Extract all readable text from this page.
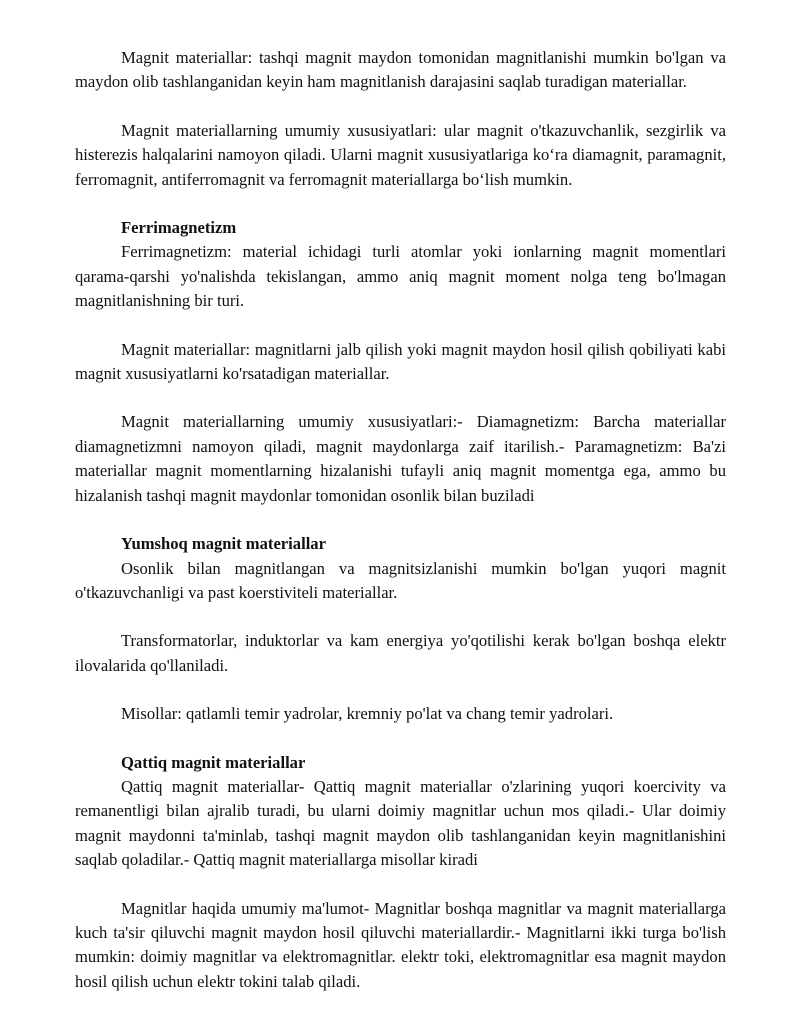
Magnit materiallar: tashqi magnit maydon tomonidan magnitlanishi mumkin bo'lgan va maydon olib tashlanganidan keyin ham magnitlanish darajasini saqlab turadigan materiallar.

Magnit materiallarning umumiy xususiyatlari: ular magnit o'tkazuvchanlik, sezgirlik va histerezis halqalarini namoyon qiladi. Ularni magnit xususiyatlariga ko‘ra diamagnit, paramagnit, ferromagnit, antiferromagnit va ferromagnit materiallarga bo‘lish mumkin.

Ferrimagnetizm

Ferrimagnetizm: material ichidagi turli atomlar yoki ionlarning magnit momentlari qarama-qarshi yo'nalishda tekislangan, ammo aniq magnit moment nolga teng bo'lmagan magnitlanishning bir turi.

Magnit materiallar: magnitlarni jalb qilish yoki magnit maydon hosil qilish qobiliyati kabi magnit xususiyatlarni ko'rsatadigan materiallar.

Magnit materiallarning umumiy xususiyatlari:- Diamagnetizm: Barcha materiallar diamagnetizmni namoyon qiladi, magnit maydonlarga zaif itarilish.- Paramagnetizm: Ba'zi materiallar magnit momentlarning hizalanishi tufayli aniq magnit momentga ega, ammo bu hizalanish tashqi magnit maydonlar tomonidan osonlik bilan buziladi

Yumshoq magnit materiallar

Osonlik bilan magnitlangan va magnitsizlanishi mumkin bo'lgan yuqori magnit o'tkazuvchanligi va past koerstiviteli materiallar.

Transformatorlar, induktorlar va kam energiya yo'qotilishi kerak bo'lgan boshqa elektr ilovalarida qo'llaniladi.

Misollar: qatlamli temir yadrolar, kremniy po'lat va chang temir yadrolari.

Qattiq magnit materiallar

Qattiq magnit materiallar- Qattiq magnit materiallar o'zlarining yuqori koercivity va remanentligi bilan ajralib turadi, bu ularni doimiy magnitlar uchun mos qiladi.- Ular doimiy magnit maydonni ta'minlab, tashqi magnit maydon olib tashlanganidan keyin magnitlanishini saqlab qoladilar.- Qattiq magnit materiallarga misollar kiradi

Magnitlar haqida umumiy ma'lumot- Magnitlar boshqa magnitlar va magnit materiallarga kuch ta'sir qiluvchi magnit maydon hosil qiluvchi materiallardir.- Magnitlarni ikki turga bo'lish mumkin: doimiy magnitlar va elektromagnitlar. elektr toki, elektromagnitlar esa magnit maydon hosil qilish uchun elektr tokini talab qiladi.
